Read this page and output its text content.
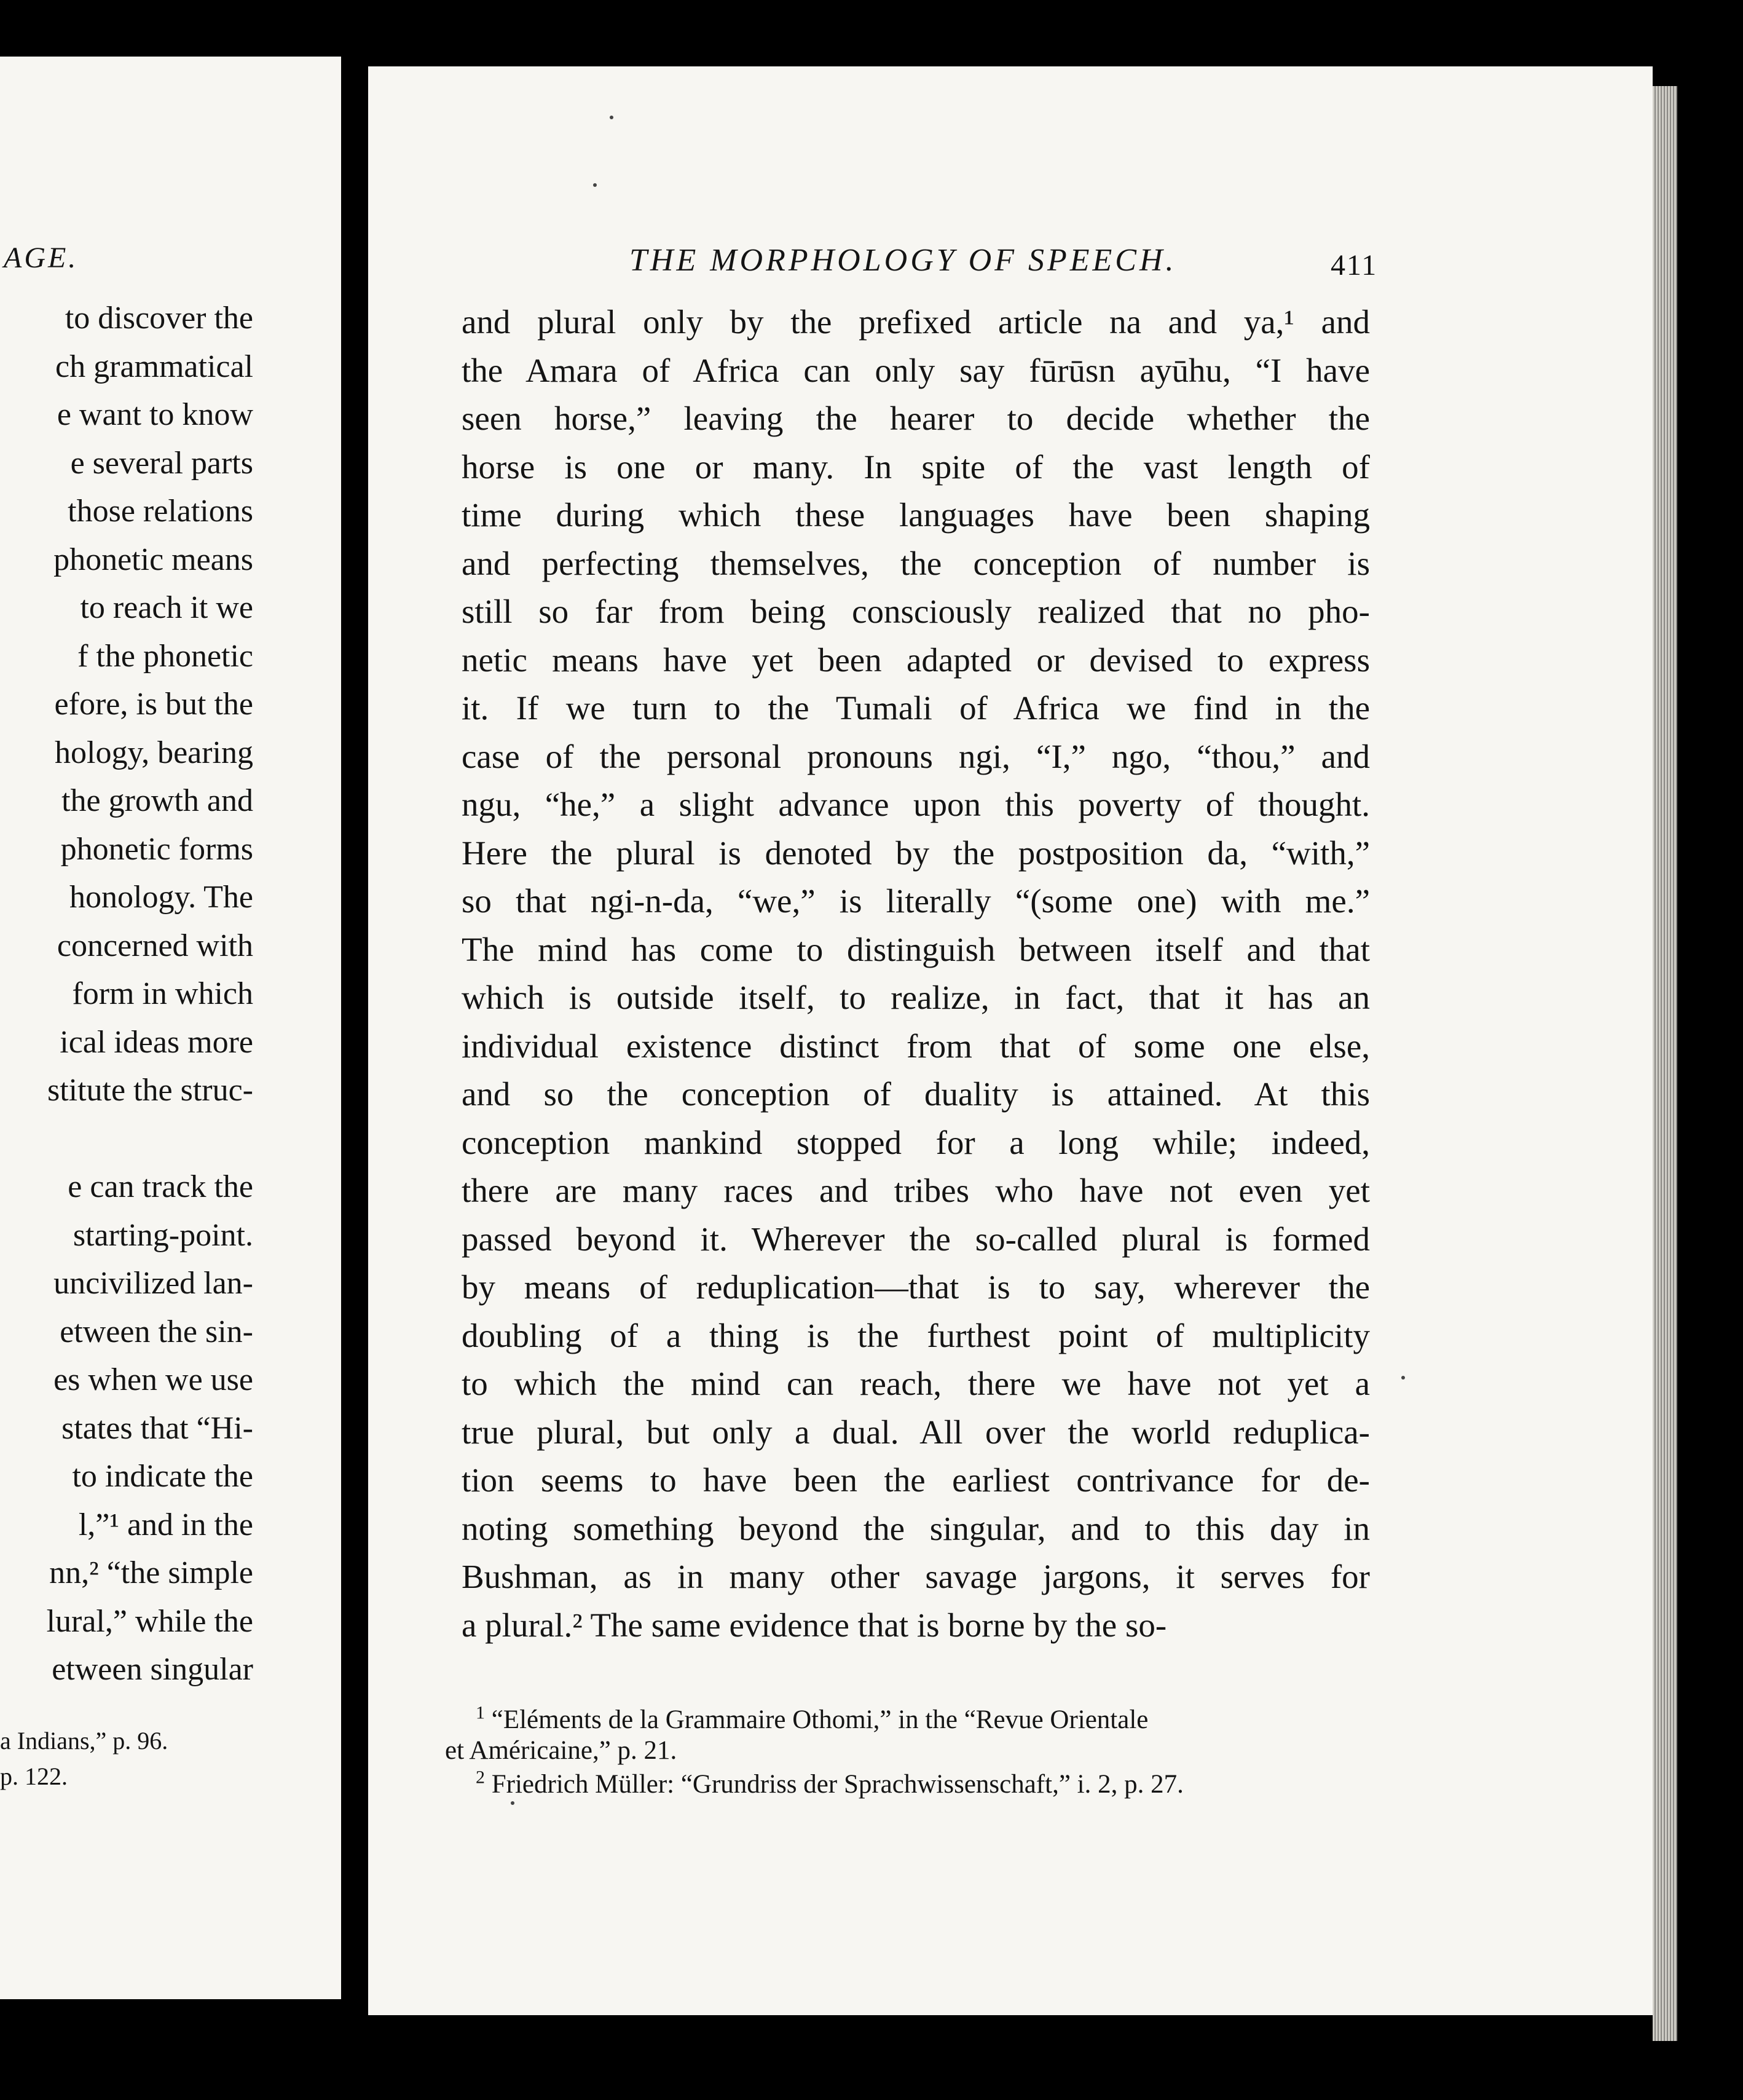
AGE.
to discover the
ch grammatical
e want to know
e several parts
those relations
phonetic means
to reach it we
f the phonetic
efore, is but the
hology, bearing
the growth and
phonetic forms
honology. The
concerned with
form in which
ical ideas more
stitute the struc-
e can track the
starting-point.
uncivilized lan-
etween the sin-
es when we use
states that “Hi-
to indicate the
l,”¹ and in the
nn,² “the simple
lural,” while the
etween singular
a Indians,” p. 96.
p. 122.
THE MORPHOLOGY OF SPEECH.	411
and plural only by the prefixed article na and ya,¹ and
the Amara of Africa can only say fūrūsn ayūhu, “I have
seen horse,” leaving the hearer to decide whether the
horse is one or many. In spite of the vast length of
time during which these languages have been shaping
and perfecting themselves, the conception of number is
still so far from being consciously realized that no pho-
netic means have yet been adapted or devised to express
it. If we turn to the Tumali of Africa we find in the
case of the personal pronouns ngi, “I,” ngo, “thou,” and
ngu, “he,” a slight advance upon this poverty of thought.
Here the plural is denoted by the postposition da, “with,”
so that ngi-n-da, “we,” is literally “(some one) with me.”
The mind has come to distinguish between itself and that
which is outside itself, to realize, in fact, that it has an
individual existence distinct from that of some one else,
and so the conception of duality is attained. At this
conception mankind stopped for a long while; indeed,
there are many races and tribes who have not even yet
passed beyond it. Wherever the so-called plural is formed
by means of reduplication—that is to say, wherever the
doubling of a thing is the furthest point of multiplicity
to which the mind can reach, there we have not yet a
true plural, but only a dual. All over the world reduplica-
tion seems to have been the earliest contrivance for de-
noting something beyond the singular, and to this day in
Bushman, as in many other savage jargons, it serves for
a plural.² The same evidence that is borne by the so-
$^1$ “Eléments de la Grammaire Othomi,” in the “Revue Orientale
et Américaine,” p. 21.
$^2$ Friedrich Müller: “Grundriss der Sprachwissenschaft,” i. 2, p. 27.
